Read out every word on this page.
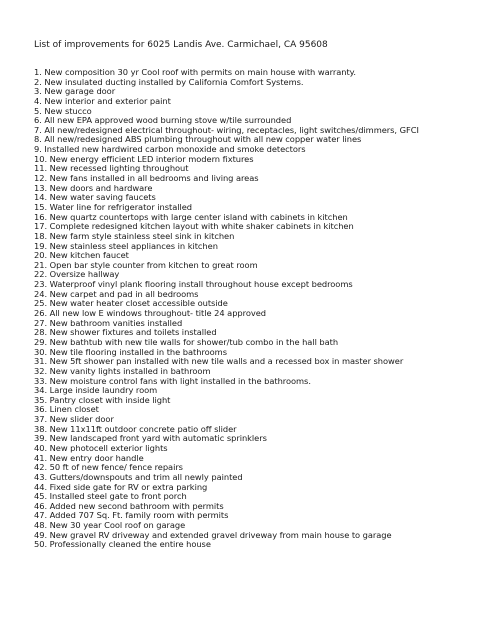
List of improvements for 6025 Landis Ave. Carmichael, CA 95608
1. New composition 30 yr Cool roof with permits on main house with warranty.
2. New insulated ducting installed by California Comfort Systems.
3. New garage door
4. New interior and exterior paint
5. New stucco
6. All new EPA approved wood burning stove w/tile surrounded
7. All new/redesigned electrical throughout- wiring, receptacles, light switches/dimmers, GFCI
8. All new/redesigned ABS plumbing throughout with all new copper water lines
9. Installed new hardwired carbon monoxide and smoke detectors
10. New energy efficient LED interior modern fixtures
11. New recessed lighting throughout
12. New fans installed in all bedrooms and living areas
13. New doors and hardware
14. New water saving faucets
15. Water line for refrigerator installed
16. New quartz countertops with large center island with cabinets in kitchen
17. Complete redesigned kitchen layout with white shaker cabinets in kitchen
18. New farm style stainless steel sink in kitchen
19. New stainless steel appliances in kitchen
20. New kitchen faucet
21. Open bar style counter from kitchen to great room
22. Oversize hallway
23. Waterproof vinyl plank flooring install throughout house except bedrooms
24. New carpet and pad in all bedrooms
25. New water heater closet accessible outside
26. All new low E windows throughout- title 24 approved
27. New bathroom vanities installed
28. New shower fixtures and toilets installed
29. New bathtub with new tile walls for shower/tub combo in the hall bath
30. New tile flooring installed in the bathrooms
31. New 5ft shower pan installed with new tile walls and a recessed box in master shower
32. New vanity lights installed in bathroom
33. New moisture control fans with light installed in the bathrooms.
34. Large inside laundry room
35. Pantry closet with inside light
36. Linen closet
37. New slider door
38. New 11x11ft outdoor concrete patio off slider
39. New landscaped front yard with automatic sprinklers
40. New photocell exterior lights
41. New entry door handle
42. 50 ft of new fence/ fence repairs
43. Gutters/downspouts and trim all newly painted
44. Fixed side gate for RV or extra parking
45. Installed steel gate to front porch
46. Added new second bathroom with permits
47. Added 707 Sq. Ft. family room with permits
48. New 30 year Cool roof on garage
49. New gravel RV driveway and extended gravel driveway from main house to garage
50. Professionally cleaned the entire house
